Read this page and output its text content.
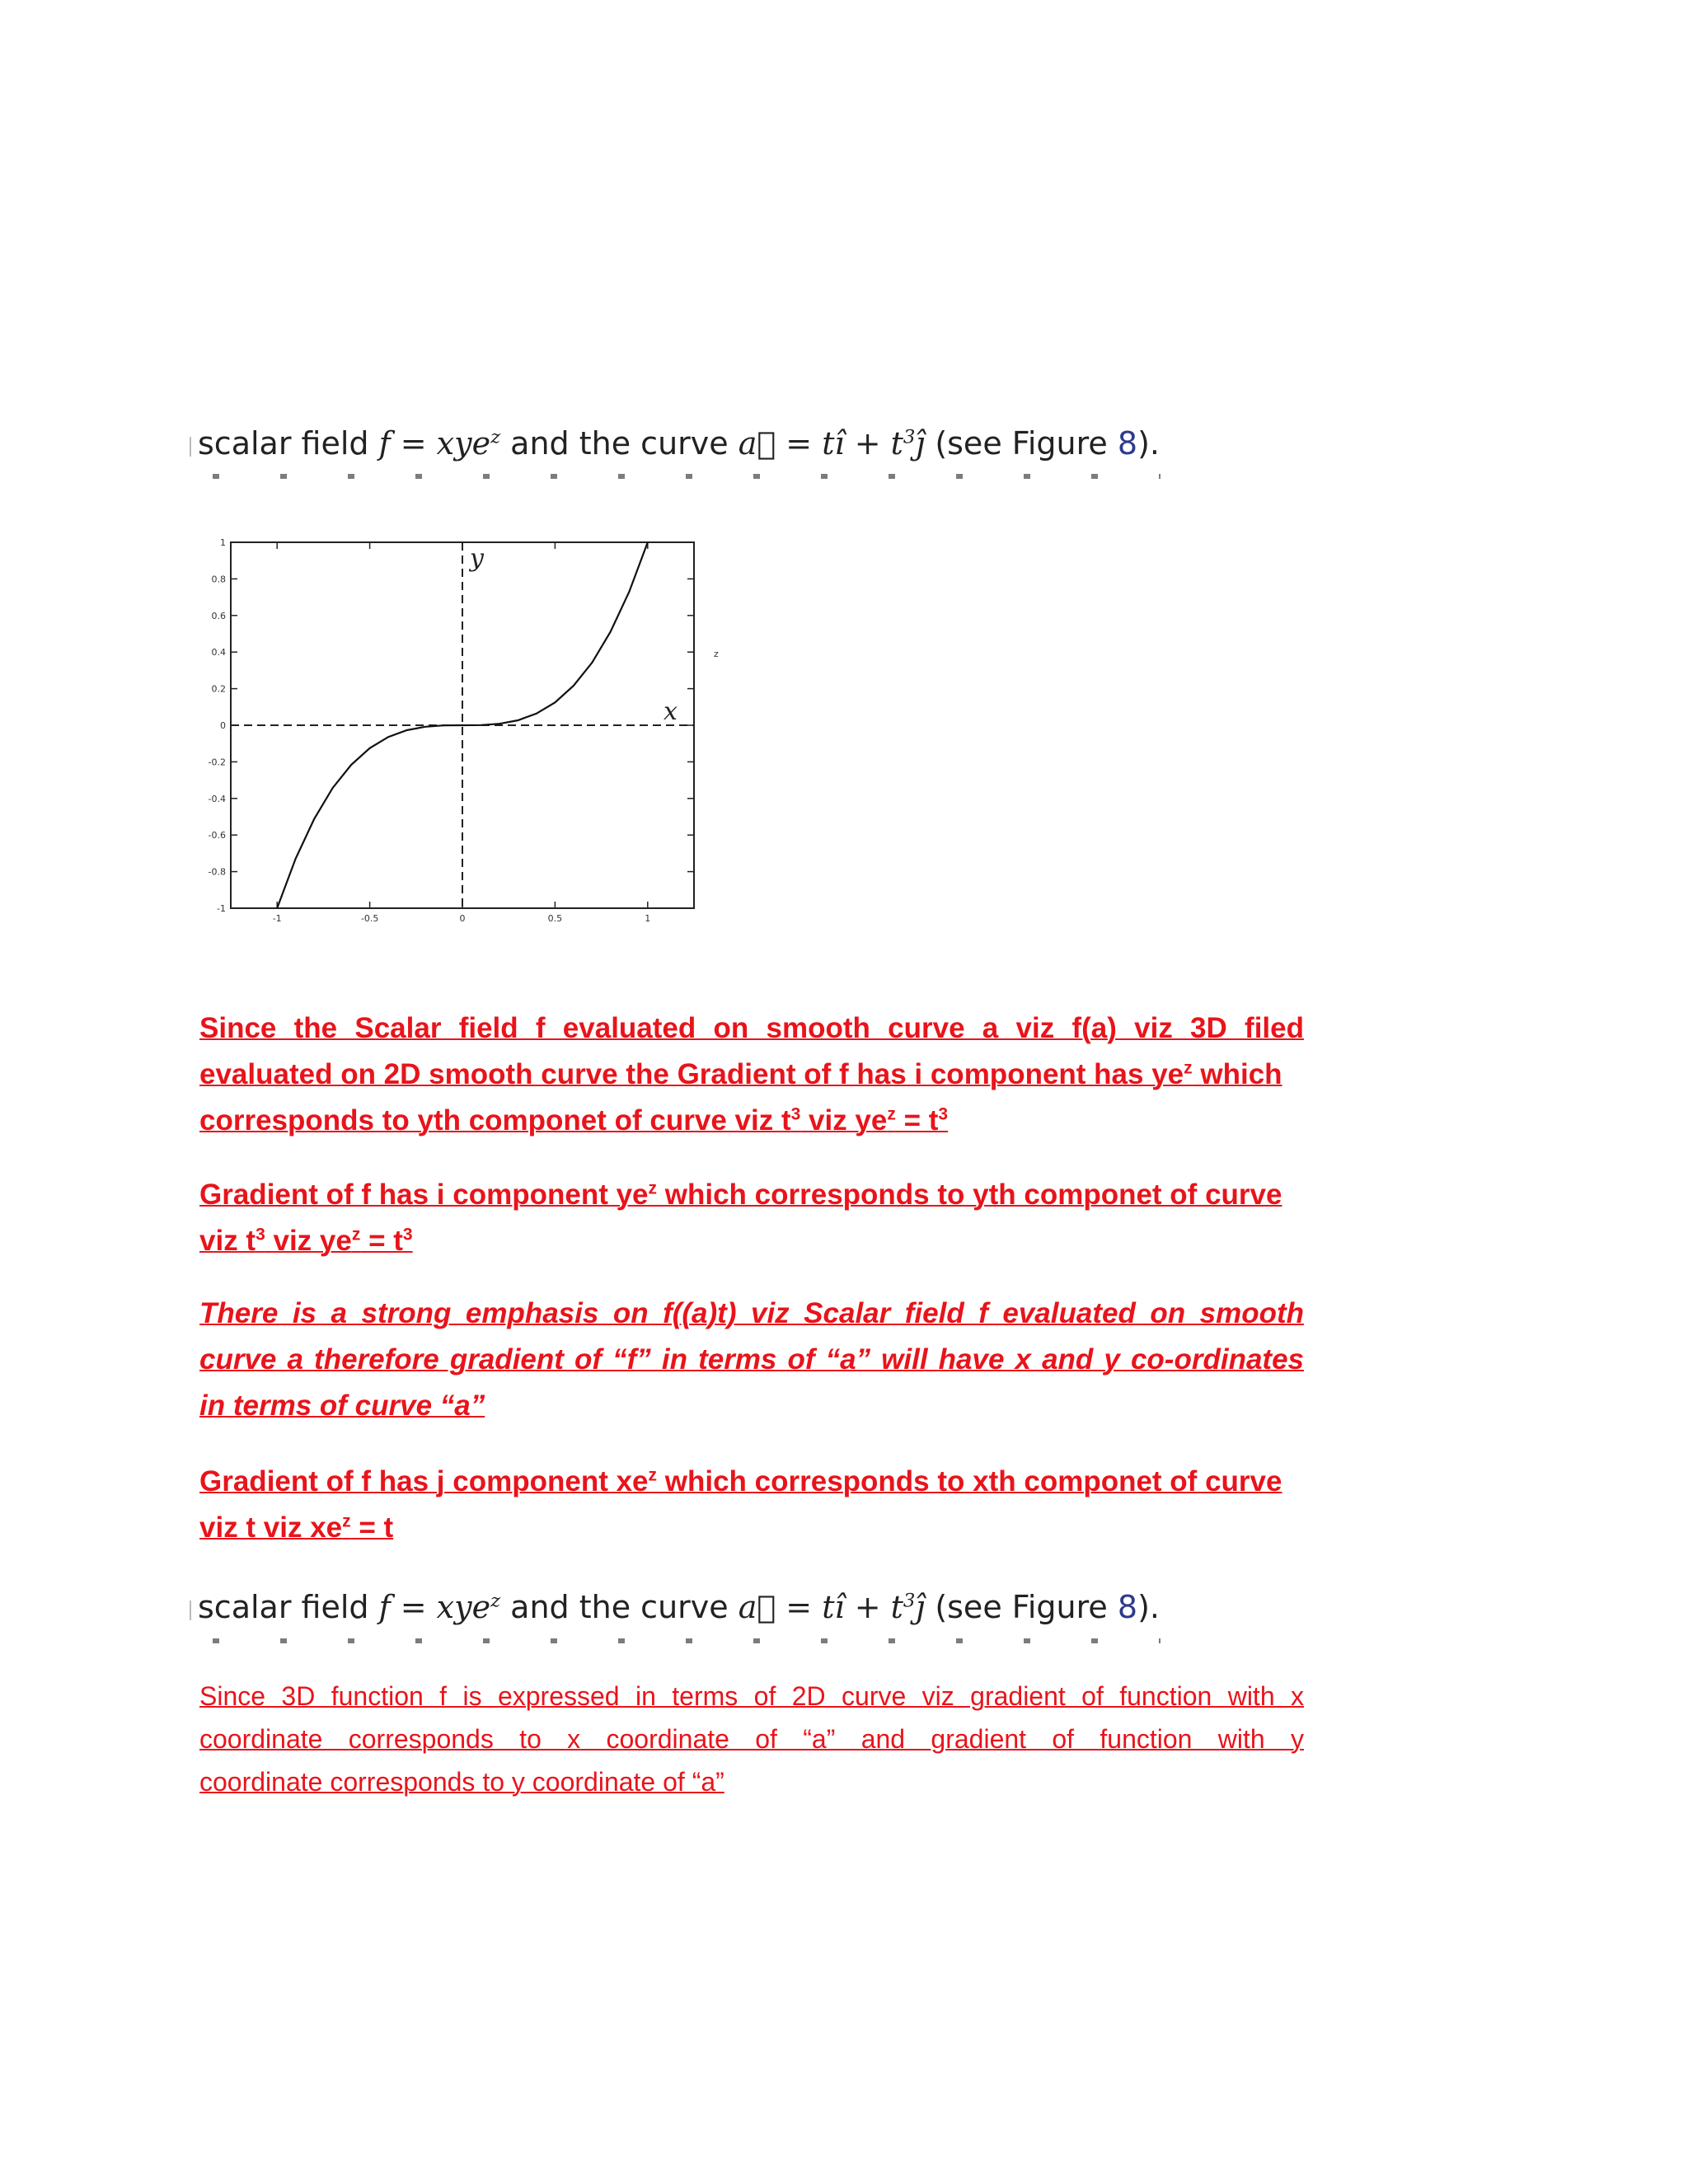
scalar field f = xye$^z$ and the curve a⃗ = tî + $t^3ĵ$ (see Figure 8).
1
0.8
0.6
0.4
0.2
0
-0.2
-0.4
-0.6
-0.8
-1
-1	-0.5	0	0.5	1
y
x
z
Since the Scalar field f evaluated on smooth curve a viz f(a) viz 3D filed
evaluated on 2D smooth curve the Gradient of f has i component has $ye^z$ which
corresponds to yth componet of curve viz $t^3$ viz $ye^z = t^3$
Gradient of f has i component $ye^z$ which corresponds to yth componet of curve
viz $t^3$ viz $ye^z = t^3$
There is a strong emphasis on f((a)t) viz Scalar field f evaluated on smooth
curve a therefore gradient of “f” in terms of “a” will have x and y co-ordinates
in terms of curve “a”
Gradient of f has j component $xe^z$ which corresponds to xth componet of curve
viz t viz $xe^z = t$
scalar field f = xye$^z$ and the curve a⃗ = tî + $t^3ĵ$ (see Figure 8).
Since 3D function f is expressed in terms of 2D curve viz gradient of function with x
coordinate corresponds to x coordinate of “a” and gradient of function with y
coordinate corresponds to y coordinate of “a”
